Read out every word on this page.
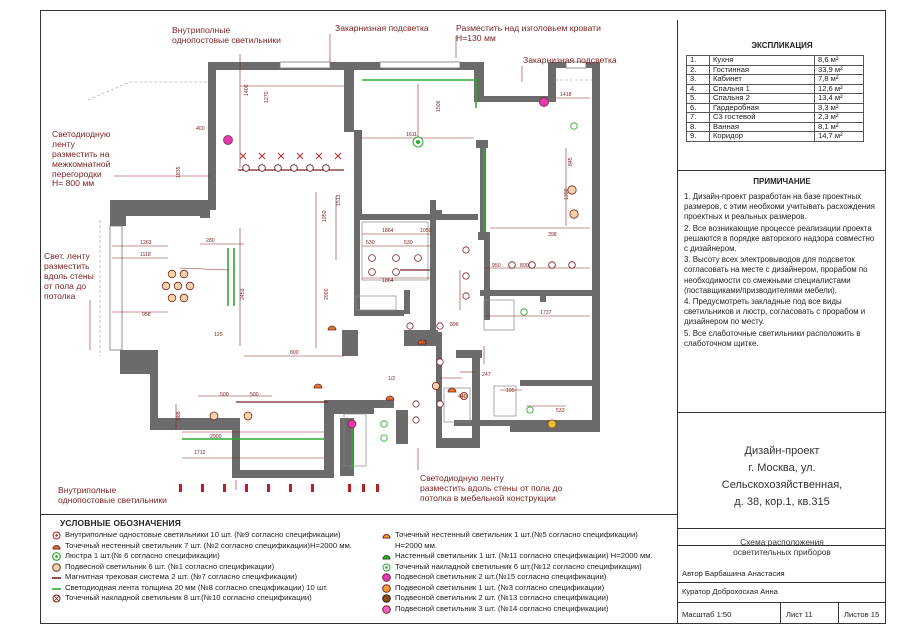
1270
400
1400
1611
1506
1418
1835
845
1390
398
1950
1513
1263
1118
958
280
2453
125
800
2900
1864
530	530
1864
950	800
1737
2900
1712
888
500	500
247
195
533
1/2
1/2
440
896
1050
Внутриполные
однопостовые светильники
Закарнизная подсветка	Разместить над изголовьем кровати
H=130 мм
Закарнизная подсветка
Светодиодную
ленту
разместить на
межкомнатной
перегородки
H= 800 мм
Свет. ленту
разместить
вдоль стены
от пола до
потолка
Внутриполные
однопостовые светильники
Светодиодную ленту
разместить вдоль стены от пола до
потолка в мебельной конструкции
УСЛОВНЫЕ ОБОЗНАЧЕНИЯ
Внутриполные одностовые светильники 10 шт. (№9 согласно спецификации)
Точечный нестенный светильник 7 шт. (№2 согласно спецификации)H=2000 мм.
Люстра 1 шт.(№ 6 согласно спецификации)
Подвесной светильник 6 шт. (№1 согласно спецификации)
Магнитная трековая система 2 шт. (№7 согласно спецификации)
Светодиодная лента толщина 20 мм (№8 согласно спецификации) 10 шт.
Точечный накладной светильник 8 шт.(№10 согласно спецификации)
Точечный нестенный светильник 1 шт.(№5 согласно спецификации)
H=2000 мм.
Настенный светильник 1 шт. (№11 согласно спецификации) H=2000 мм.
Точечный накладной светильник 6 шт.(№12 согласно спецификации)
Подвесной светильник 2 шт.(№15 согласно спецификации)
Подвесной светильник 1 шт. (№3 согласно спецификации)
Подвесной светильник 2 шт. (№13 согласно спецификации)
Подвесной светильник 3 шт. (№14 согласно спецификации)
ЭКСПЛИКАЦИЯ
1.	Кухня	8,6 м²
2.	Гостинная	33,9 м²
3.	Кабинет	7,8 м²
4.	Спальня 1	12,6 м²
5.	Спальня 2	13,4 м²
6.	Гардеробная	3,3 м²
7.	С3 гостевой	2,3 м²
8.	Ванная	8,1 м²
9.	Коридор	14,7 м²
ПРИМИЧАНИЕ

1. Дизайн-проект разработан на базе проектных размеров, с этим необхоми учитывать расхождения проектных и реальных размеров.

2. Все возникающие процессе реализации проекта решаются в порядке авторского надзора совместно с дизайнером.

3. Высоту всех электровыводов для подсветок согласовать на месте с дизайнером, прорабом по необходимости со смежными специалистами (поставщиками/призводителями мебели).

4. Предусмотреть закладные под все виды светильников и люстр, согласовать с прорабом и дизайнером по месту.

5. Все слаботочные светильники расположить в слаботочном щитке.

Дизайн-проект
г. Москва, ул.
Сельскохозяйственная,
д. 38, кор.1, кв.315
Схема расположения
осветительных приборов
Автор Барбашина Анастасия
Куратор Доброхоская Анна
Масштаб 1:50	Лист 11	Листов 15
